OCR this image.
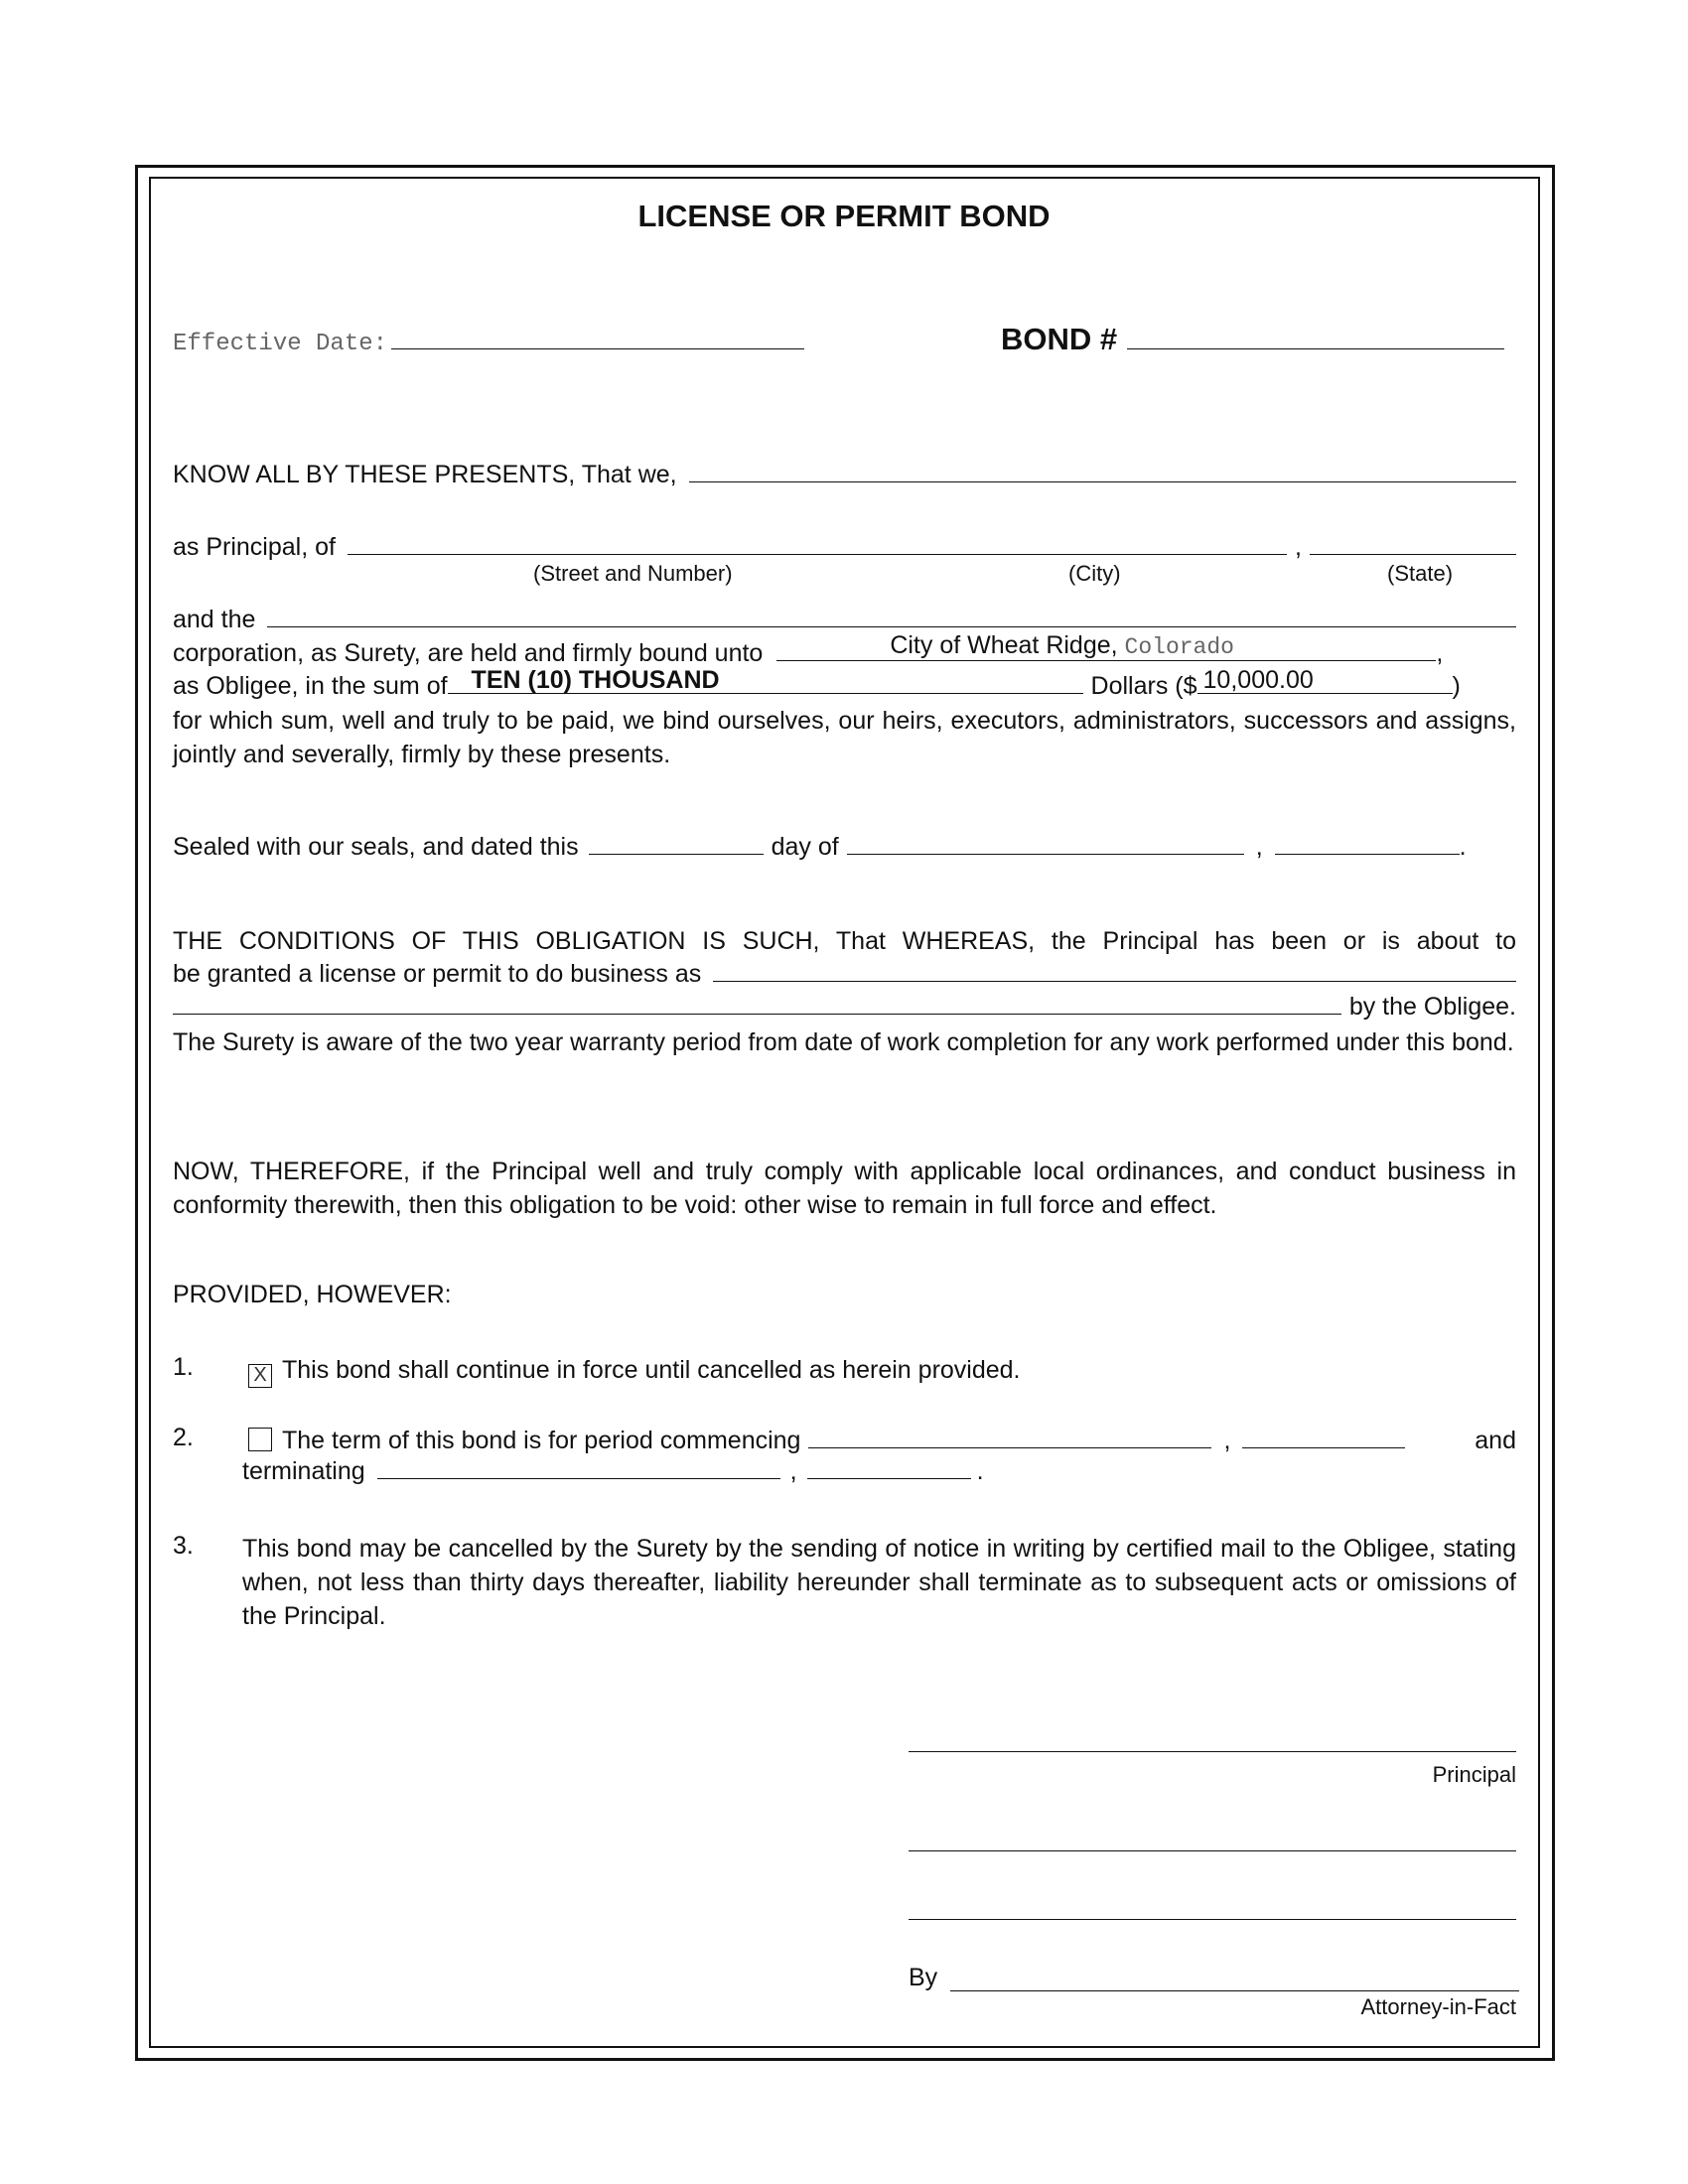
LICENSE OR PERMIT BOND
Effective Date:	BOND #
KNOW ALL BY THESE PRESENTS, That we,
as Principal, of	,
(Street and Number)	(City)	(State)
and the
corporation, as Surety, are held and firmly bound unto	City of Wheat Ridge, Colorado	,
as Obligee, in the sum of TEN (10) THOUSAND	Dollars ($ 10,000.00	)
for which sum, well and truly to be paid, we bind ourselves, our heirs, executors, administrators, successors and assigns, jointly and severally, firmly by these presents.
Sealed with our seals, and dated this	day of	,	.
THE CONDITIONS OF THIS OBLIGATION IS SUCH, That WHEREAS, the Principal has been or is about to
be granted a license or permit to do business as
by the Obligee.
The Surety is aware of the two year warranty period from date of work completion for any work performed under this bond.
NOW, THEREFORE, if the Principal well and truly comply with applicable local ordinances, and conduct business in conformity therewith, then this obligation to be void: other wise to remain in full force and effect.
PROVIDED, HOWEVER:
1.	X This bond shall continue in force until cancelled as herein provided.
2.	The term of this bond is for period commencing	,	and
terminating	,	.
3. This bond may be cancelled by the Surety by the sending of notice in writing by certified mail to the Obligee, stating when, not less than thirty days thereafter, liability hereunder shall terminate as to subsequent acts or omissions of the Principal.
Principal
By
Attorney-in-Fact
